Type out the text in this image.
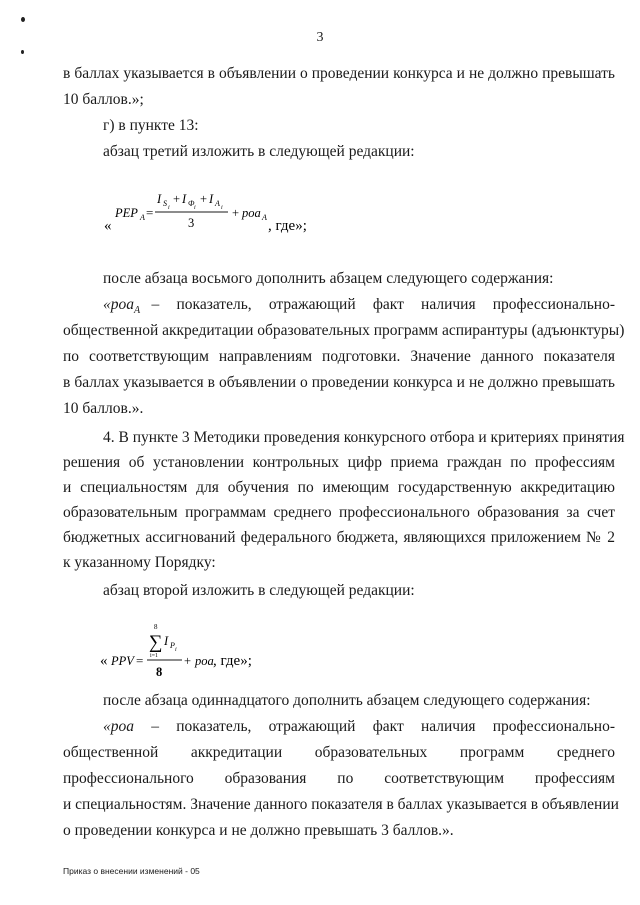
3
в баллах указывается в объявлении о проведении конкурса и не должно превышать
10 баллов.»;
г) в пункте 13:
абзац третий изложить в следующей редакции:
после абзаца восьмого дополнить абзацем следующего содержания:
«роа$_А$  –   показатель,   отражающий   факт   наличия   профессионально-
общественной аккредитации образовательных программ аспирантуры (адъюнктуры)
по соответствующим направлениям подготовки. Значение данного показателя
в баллах указывается в объявлении о проведении конкурса и не должно превышать
10 баллов.».
4. В пункте 3 Методики проведения конкурсного отбора и критериях принятия
решения об установлении контрольных цифр приема граждан по профессиям
и специальностям для обучения по имеющим государственную аккредитацию
образовательным программам среднего профессионального образования за счет
бюджетных ассигнований федерального бюджета, являющихся приложением № 2
к указанному Порядку:
абзац второй изложить в следующей редакции:
после абзаца одиннадцатого дополнить абзацем следующего содержания:
«роа   –   показатель,   отражающий   факт   наличия   профессионально-
общественной аккредитации образовательных программ среднего
профессионального образования по соответствующим профессиям
и специальностям. Значение данного показателя в баллах указывается в объявлении
о проведении конкурса и не должно превышать 3 баллов.».
«
РЕР А =
I S i
+ I Ф i
+ I А i
3
+ роа А
, где»;
8
∑
i=1
I P i
« PPV =
8
+ роа , где»;
Приказ о внесении изменений - 05
